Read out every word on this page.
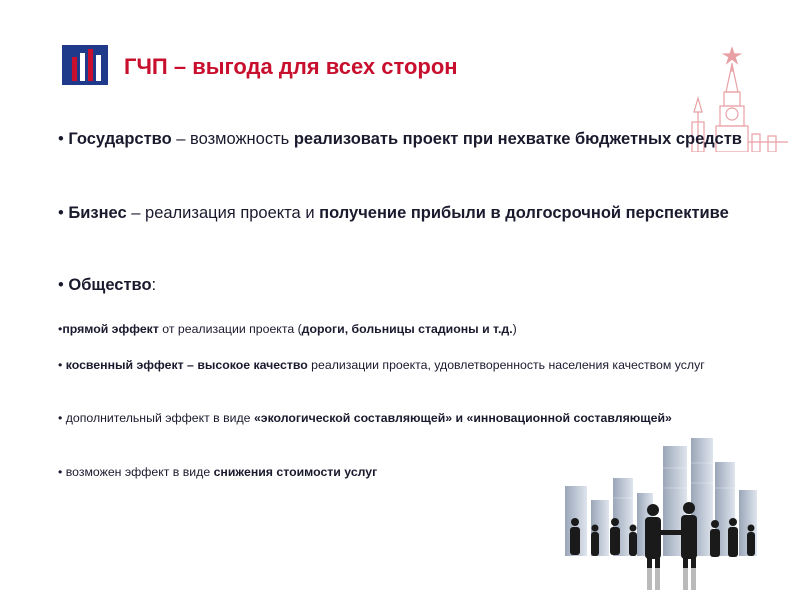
ГЧП – выгода для всех сторон
• Государство – возможность реализовать проект при нехватке бюджетных средств
• Бизнес – реализация проекта и получение прибыли в долгосрочной перспективе
• Общество:
•прямой эффект от реализации проекта (дороги, больницы стадионы и т.д.)
• косвенный эффект – высокое качество реализации проекта, удовлетворенность населения качеством услуг
• дополнительный эффект в виде «экологической составляющей» и «инновационной составляющей»
• возможен эффект в виде снижения стоимости услуг
